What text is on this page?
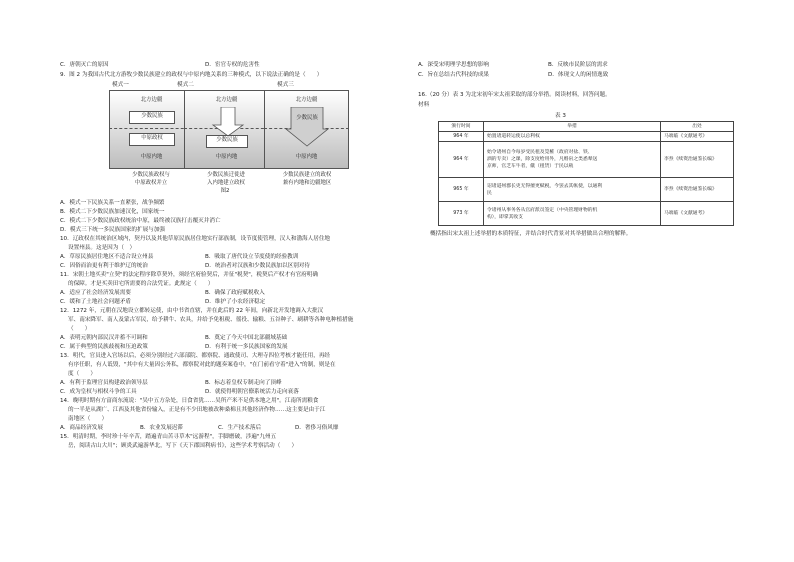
C．唐朝灭亡的原因	D．宦官专权的危害性
9．图 2 为我国古代北方游牧少数民族建立的政权与中原内地关系的三种模式，以下说法正确的是（　　）
模式一	模式二	模式三
北方边疆
少数民族
中原政权
中原内地
北方边疆
少数民族
中原内地
北方边疆
少数民族
中原内地
少数民族政权与
中原政权并立
少数民族迁徙进
入内地建立政权
少数民族建立的政权
兼有内地和边疆地区
图2
A．模式一下民族关系一直紧张，战争频繁
B．模式二下少数民族加速汉化，国家统一
C．模式二下少数民族政权统治中原，最终被汉族打击覆灭并消亡
D．模式三下统一多民族国家的扩展与加强
10．辽政权在其统治区域内，契丹以及其他草原民族居住地实行部族制，设节度使管理，汉人和渤海人居住地
设置州县。这是因为（　）
A．草原民族居住地区不适合设立州县	B．吸取了唐代设立节度使的经验教训
C．因俗而治更有利于维护辽的统治	D．统治者对汉族和少数民族加以区别对待
11．宋朝土地买卖"立契"的法定程序除草契外，须经官府验契后，并征"税契"，税契后产权才有官府明确
的保障。才是买卖田宅所需要的合法凭证。此规定（　　）
A．适应了社会经济发展需要	B．确保了政府赋税收入
C．缓和了土地社会问题矛盾	D．维护了小农经济稳定
12．1272 年，元朝在汉地设立都转运使，由中书省直辖，并在此后的 22 年间，向新北开发地调入大批汉
军、南宋降军、南人及蒙古军民，给予耕牛、农具，并给予免租税、徭役、输粮、五谷种子、刷耕等各种电种植措施
（　　）
A．表明元朝内部民汉并蓄不可调和	B．奠定了今天中国北部疆域基础
C．属于典型的民族歧视和压迫政策	D．有利于统一多民族国家的发展
13．明代，官员进入官场以后，必须分别经过六部部院、都察院、通政使司、大理寺四位考核才能任用，再经
有序任职，有人诋毁，"其中有大量因公务私，都察院对此的题奏案卷中，"在门前看守着"进入"的制，则是在
度（　　）
A．有利于监理官员构建政治领导层	B．标志着皇权专制走向了顶峰
C．成为皇权与相权斗争的工具	D．就使得明朝官僚系统活力走向衰落
14．晚明时期有方富商东流说："吴中五方杂处，日食省犹……吴所产米不足供本地之用"。江南所需粮食
的一半是从湖广、江西及其他省份输入，正是有不少田地被改种桑棉且其他经济作物……这主要是由于江
南地区（　　）
A．商品经济发展	B．农业发展迟滞	C．生产技术落后	D．奢侈习俗风靡
15．明清时期，李时珍十年辛苦，踏遍青山苦寻草木"远游程"，手脚磨破，涉遍"九州五
岳，阅读古山大川"；顾炎武遍游华北，写下《天下郡国利病书》，这些学术考察活动（　　）
A．深受宋明理学思想的影响	B．反映市民阶层的需求
C．旨在总结古代科技的成果	D．体现文人的闲情逸致
16.（20 分）表 3 为北宋初年宋太祖采取的部分举措。阅读材料，回答问题。
材料
表 3
颁行时间	举措	出处
964 年	始置诸道转运使以总利权	马端临《文献通考》
964 年	始令诸州自今每岁受民租及筦榷（政府对盐、铁、
酒的专卖）之课，除支度给用外，凡缗帛之类悉辇送
京师，官乏车牛者，僦（租赁）于民以载	李焘《续资治通鉴长编》
965 年	诏诸道州郡长吏无得擅更赋税，今罢去其帐使，以通利
民	李焘《续资治通鉴长编》
973 年	令诸州从事务各从官府派员签定（中央管理财物的机
构），即掌其收支	马端临《文献通考》
概括指出宋太祖上述举措的本质特征，并结合时代背景对其举措做出合理的解释。
